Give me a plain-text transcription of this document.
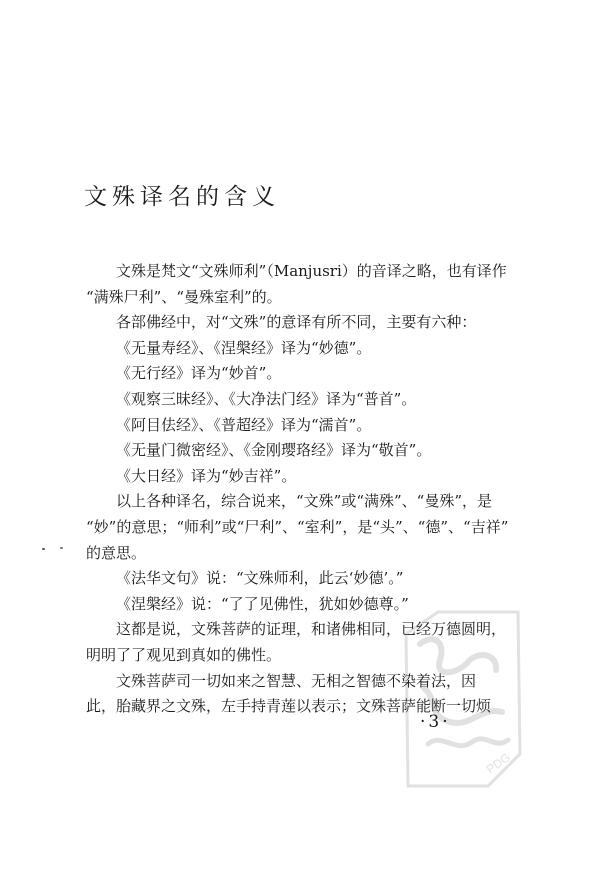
文殊译名的含义

文殊是梵文“文殊师利”（Manjusri）的音译之略，也有译作

“满殊尸利”、“曼殊室利”的。

各部佛经中，对“文殊”的意译有所不同，主要有六种：

《无量寿经》、《涅槃经》译为“妙德”。

《无行经》译为“妙首”。

《观察三昧经》、《大净法门经》译为“普首”。

《阿目佉经》、《普超经》译为“濡首”。

《无量门微密经》、《金刚璎珞经》译为“敬首”。

《大日经》译为“妙吉祥”。

以上各种译名，综合说来，“文殊”或“满殊”、“曼殊”，是

“妙”的意思；“师利”或“尸利”、“室利”，是“头”、“德”、“吉祥”

的意思。

《法华文句》说：“文殊师利，此云‘妙德’。”

《涅槃经》说：“了了见佛性，犹如妙德尊。”

这都是说，文殊菩萨的证理，和诸佛相同，已经万德圆明，

明明了了观见到真如的佛性。

文殊菩萨司一切如来之智慧、无相之智德不染着法，因

此，胎藏界之文殊，左手持青莲以表示；文殊菩萨能断一切烦

PDG
·3·
